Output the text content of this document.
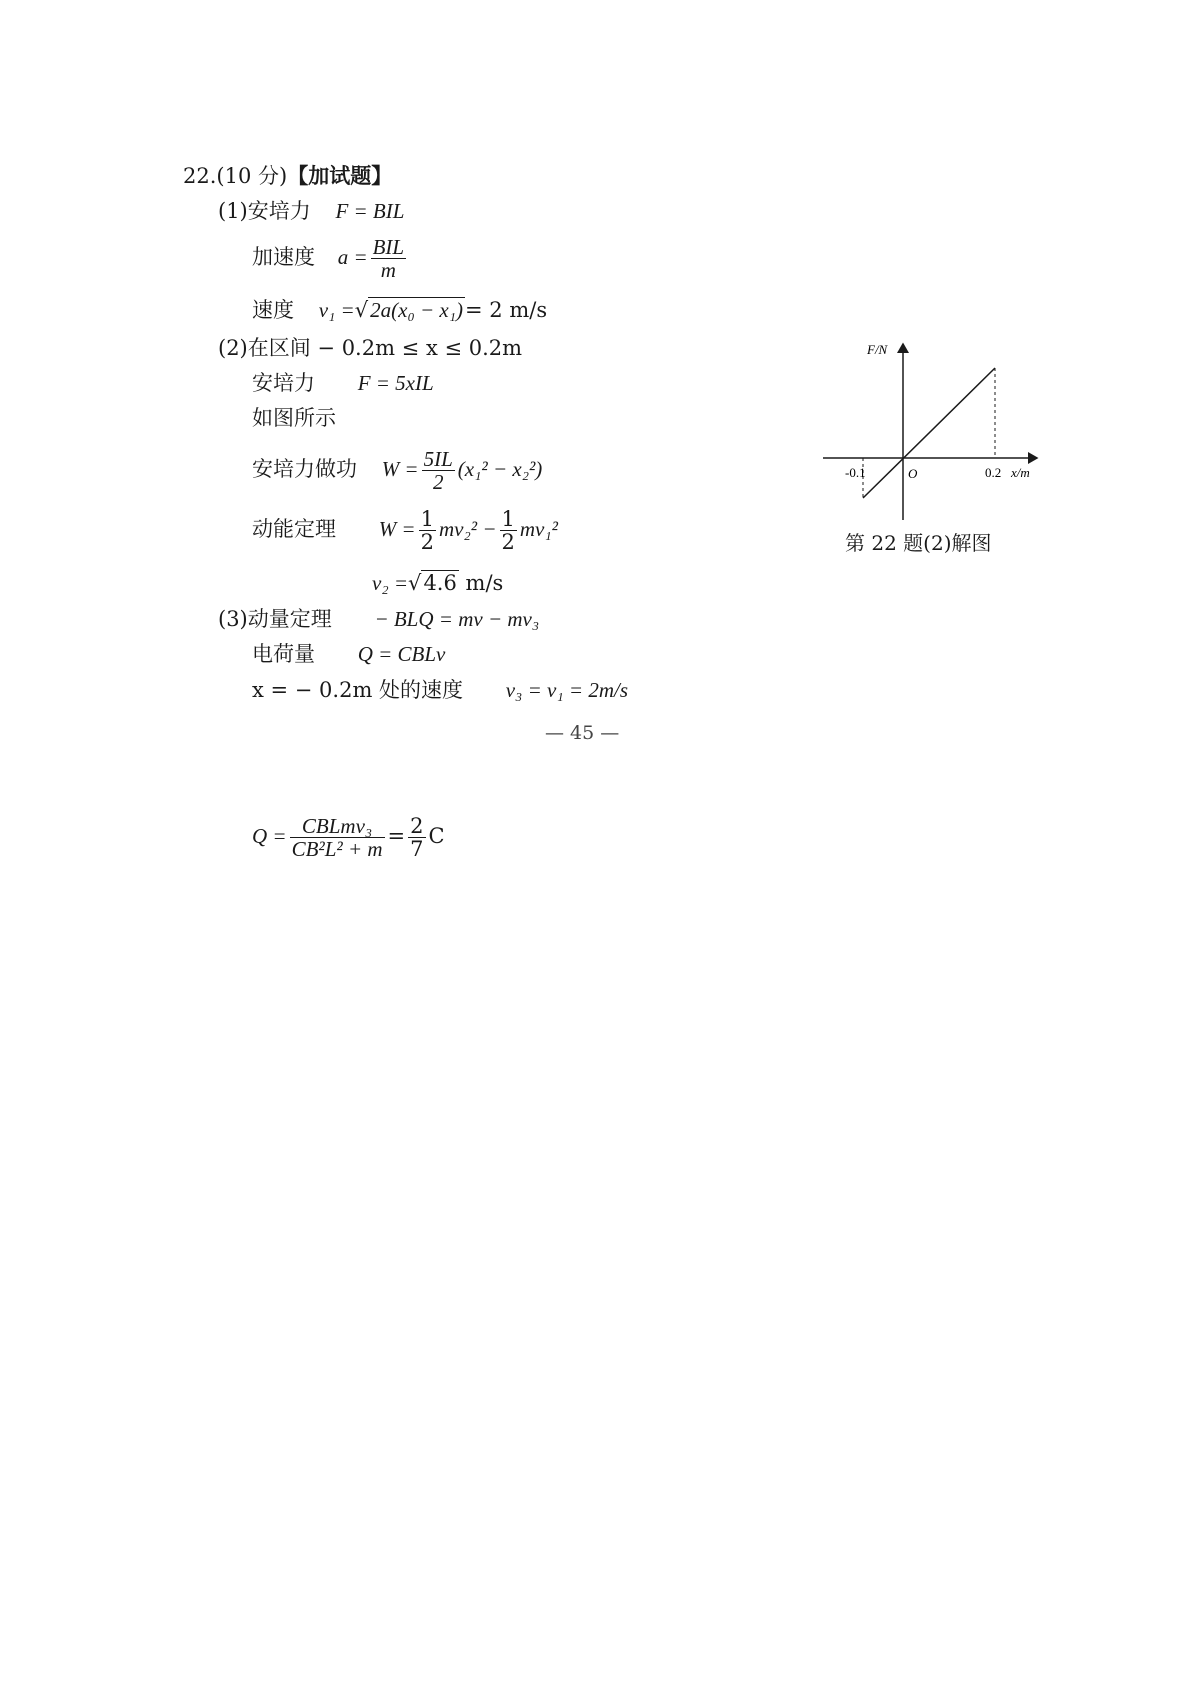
22.(10 分)【加试题】
(1)安培力 F = BIL
加速度 $a = \frac{\text{BIL}}{m}$
速度 v₁ =√2a(x₀ − x₁)= 2 m/s
(2)在区间 − 0.2m ≤ x ≤ 0.2m
安培力 F = 5xIL
如图所示
安培力做功 $W = \frac{5IL}{2} (x_1^2 - x_2^2)$
动能定理 $W = \frac{1}{2} mv_2^2 - \frac{1}{2} mv_1^2$
v₂ =√4.6 m/s
(3)动量定理 − BLQ = mv − mv₃
电荷量 Q = CBLv
x = − 0.2m 处的速度 v₃ = v₁ = 2m/s
— 45 —
$Q = \frac{\text{CBLmv₃}}{\text{CB²L² + m}} = \frac{2}{7}$ C
F/N
x/m
O
-0.1	0.2
第 22 题(2)解图
